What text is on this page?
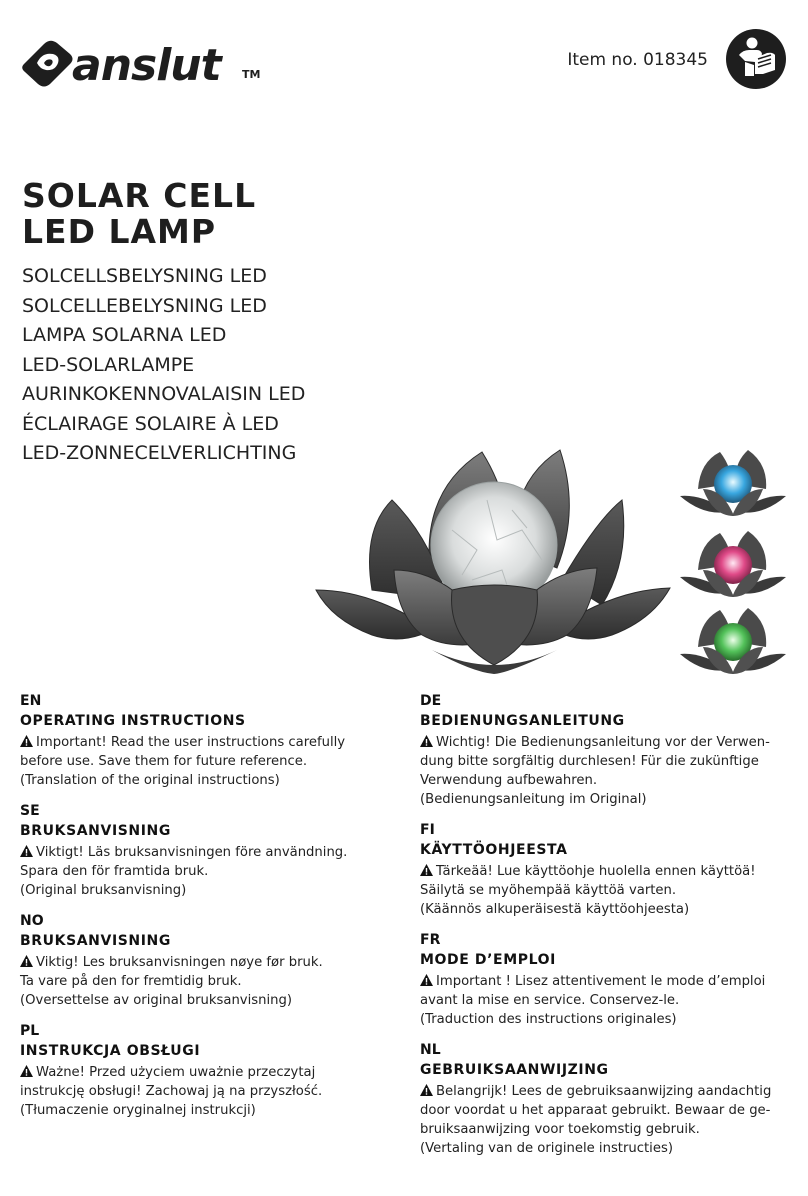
anslut TM
Item no. 018345
SOLAR CELL
LED LAMP
SOLCELLSBELYSNING LED
SOLCELLEBELYSNING LED
LAMPA SOLARNA LED
LED-SOLARLAMPE
AURINKOKENNOVALAISIN LED
ÉCLAIRAGE SOLAIRE À LED
LED-ZONNECELVERLICHTING
EN
OPERATING INSTRUCTIONS

Important! Read the user instructions carefully

before use. Save them for future reference.

(Translation of the original instructions)

SE
BRUKSANVISNING

Viktigt! Läs bruksanvisningen före användning.

Spara den för framtida bruk.

(Original bruksanvisning)

NO
BRUKSANVISNING

Viktig! Les bruksanvisningen nøye før bruk.

Ta vare på den for fremtidig bruk.

(Oversettelse av original bruksanvisning)

PL
INSTRUKCJA OBSŁUGI

Ważne! Przed użyciem uważnie przeczytaj

instrukcję obsługi! Zachowaj ją na przyszłość.

(Tłumaczenie oryginalnej instrukcji)

DE
BEDIENUNGSANLEITUNG

Wichtig! Die Bedienungsanleitung vor der Verwen-

dung bitte sorgfältig durchlesen! Für die zukünftige

Verwendung aufbewahren.

(Bedienungsanleitung im Original)

FI
KÄYTTÖOHJEESTA

Tärkeää! Lue käyttöohje huolella ennen käyttöä!

Säilytä se myöhempää käyttöä varten.

(Käännös alkuperäisestä käyttöohjeesta)

FR
MODE D’EMPLOI

Important ! Lisez attentivement le mode d’emploi

avant la mise en service. Conservez-le.

(Traduction des instructions originales)

NL
GEBRUIKSAANWIJZING

Belangrijk! Lees de gebruiksaanwijzing aandachtig

door voordat u het apparaat gebruikt. Bewaar de ge-

bruiksaanwijzing voor toekomstig gebruik.

(Vertaling van de originele instructies)
